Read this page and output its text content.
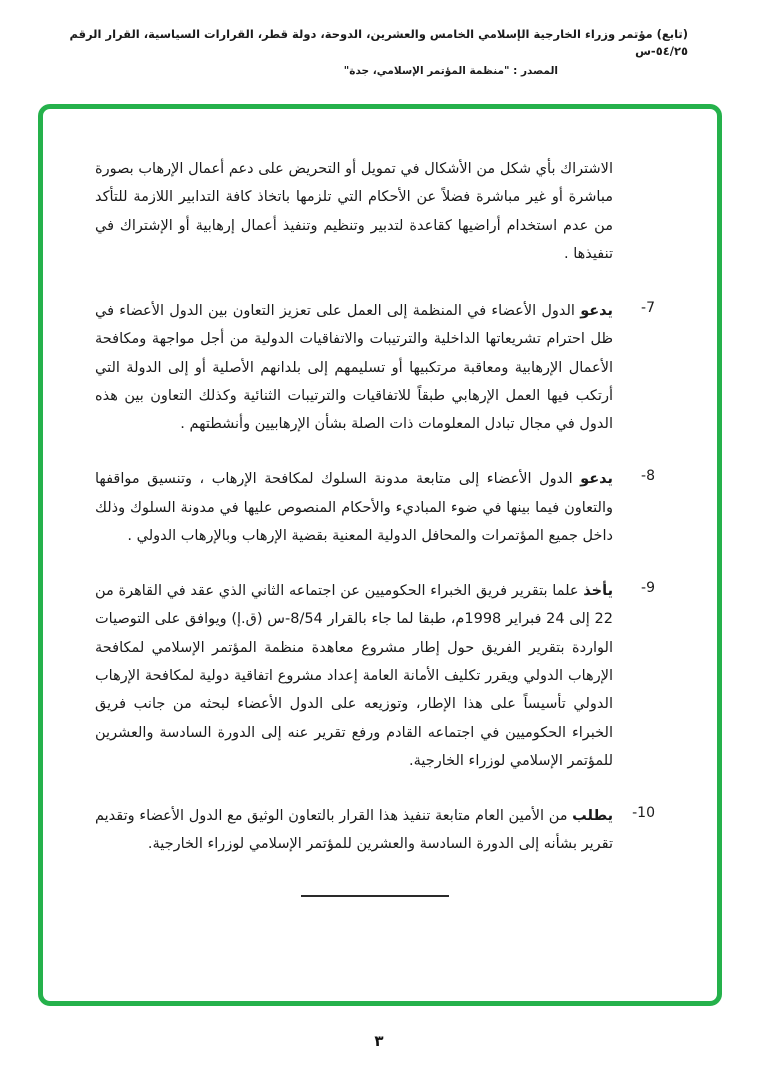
(تابع) مؤتمر وزراء الخارجية الإسلامي الخامس والعشرين، الدوحة، دولة قطر، القرارات السياسية، القرار الرقم ٥٤/٢٥-س
المصدر : "منظمة المؤتمر الإسلامي، جدة"
الاشتراك بأي شكل من الأشكال في تمويل أو التحريض على دعم أعمال الإرهاب بصورة مباشرة أو غير مباشرة فضلاً عن الأحكام التي تلزمها باتخاذ كافة التدابير اللازمة للتأكد من عدم استخدام أراضيها كقاعدة لتدبير وتنظيم وتنفيذ أعمال إرهابية أو الإشتراك في تنفيذها .
-7
يدعو الدول الأعضاء في المنظمة إلى العمل على تعزيز التعاون بين الدول الأعضاء في ظل احترام تشريعاتها الداخلية والترتيبات والاتفاقيات الدولية من أجل مواجهة ومكافحة الأعمال الإرهابية ومعاقبة مرتكبيها أو تسليمهم إلى بلدانهم الأصلية أو إلى الدولة التي أرتكب فيها العمل الإرهابي طبقاً للاتفاقيات والترتيبات الثنائية وكذلك التعاون بين هذه الدول في مجال تبادل المعلومات ذات الصلة بشأن الإرهابيين وأنشطتهم .
-8
يدعو الدول الأعضاء إلى متابعة مدونة السلوك لمكافحة الإرهاب ، وتنسيق مواقفها والتعاون فيما بينها في ضوء المباديء والأحكام المنصوص عليها في مدونة السلوك وذلك داخل جميع المؤتمرات والمحافل الدولية المعنية بقضية الإرهاب وبالإرهاب الدولي .
-9
يأخذ علما بتقرير فريق الخبراء الحكوميين عن اجتماعه الثاني الذي عقد في القاهرة من 22 إلى 24 فبراير 1998م، طبقا لما جاء بالقرار 8/54-س (ق.إ) ويوافق على التوصيات الواردة بتقرير الفريق حول إطار مشروع معاهدة منظمة المؤتمر الإسلامي لمكافحة الإرهاب الدولي ويقرر تكليف الأمانة العامة إعداد مشروع اتفاقية دولية لمكافحة الإرهاب الدولي تأسيساً على هذا الإطار، وتوزيعه على الدول الأعضاء لبحثه من جانب فريق الخبراء الحكوميين في اجتماعه القادم ورفع تقرير عنه إلى الدورة السادسة والعشرين للمؤتمر الإسلامي لوزراء الخارجية.
-10
يطلب من الأمين العام متابعة تنفيذ هذا القرار بالتعاون الوثيق مع الدول الأعضاء وتقديم تقرير بشأنه إلى الدورة السادسة والعشرين للمؤتمر الإسلامي لوزراء الخارجية.
٣
